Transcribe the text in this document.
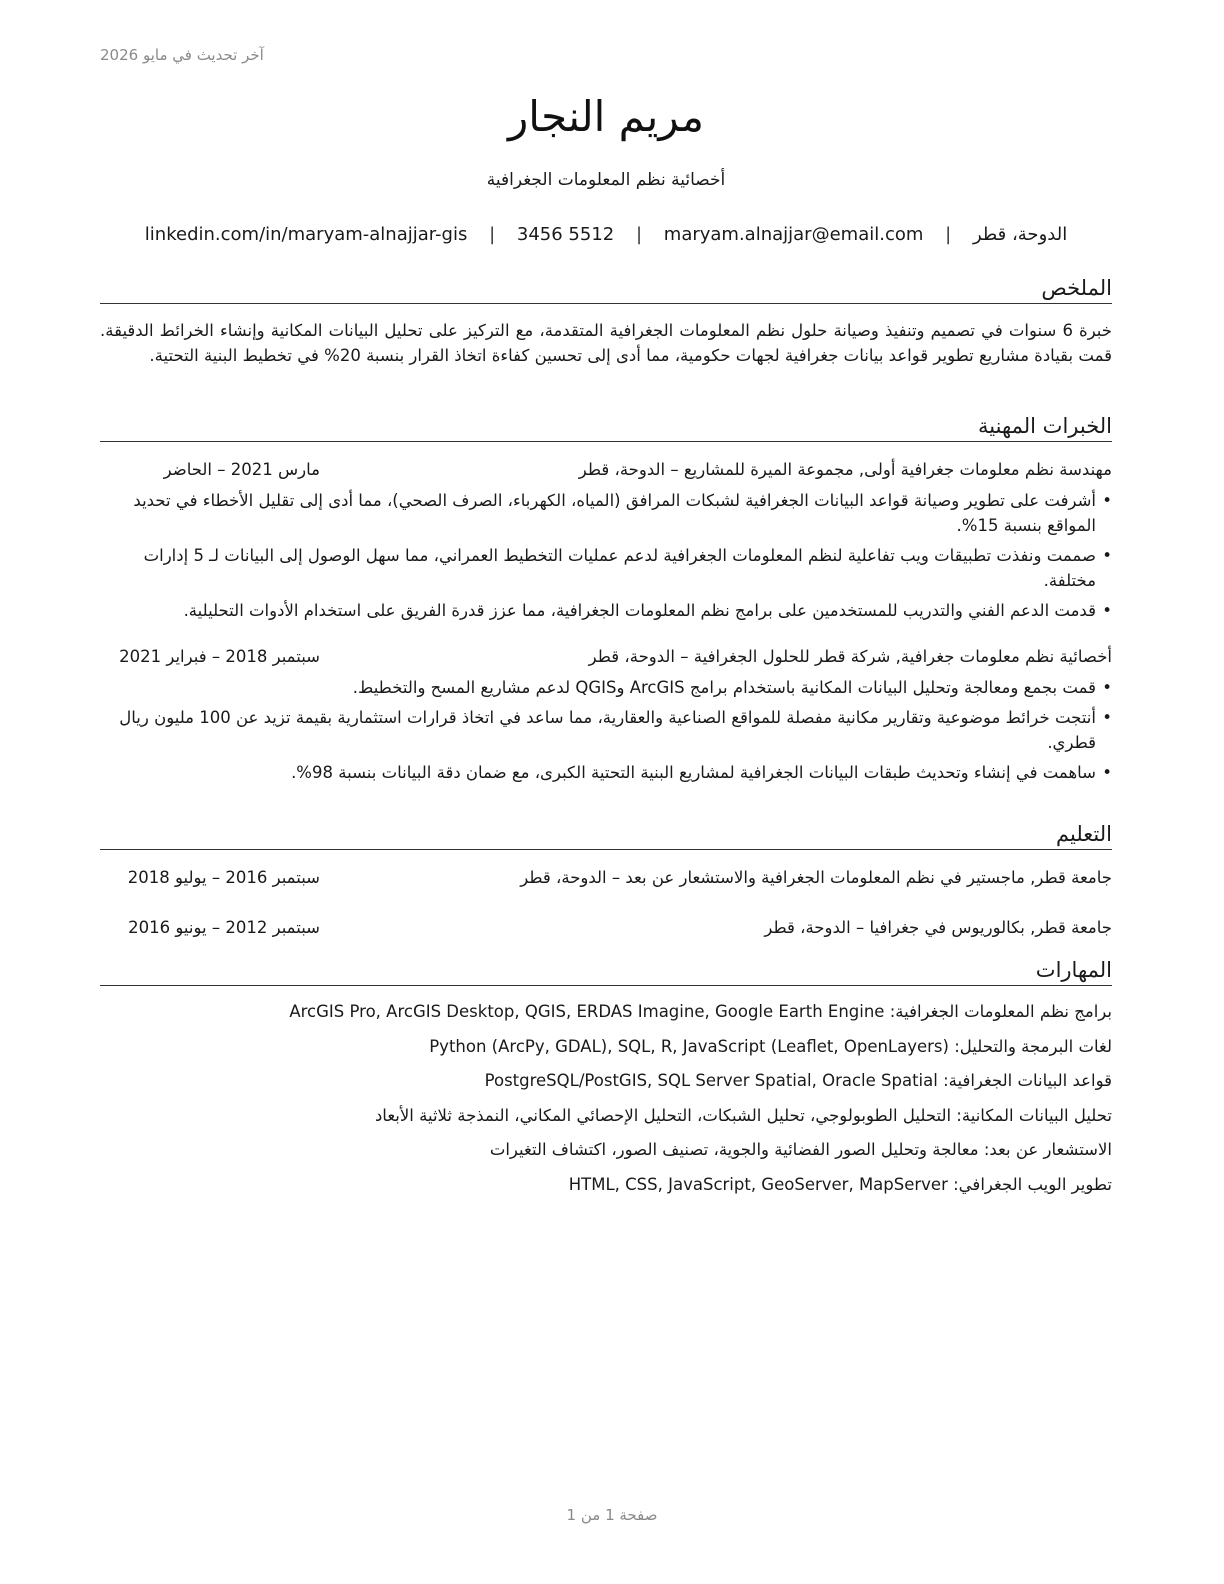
آخر تحديث في مايو 2026
مريم النجار
أخصائية نظم المعلومات الجغرافية
الدوحة، قطر | maryam.alnajjar@email.com | 3456 5512 | linkedin.com/in/maryam-alnajjar-gis
الملخص

خبرة 6 سنوات في تصميم وتنفيذ وصيانة حلول نظم المعلومات الجغرافية المتقدمة، مع التركيز على تحليل البيانات المكانية وإنشاء الخرائط الدقيقة. قمت بقيادة مشاريع تطوير قواعد بيانات جغرافية لجهات حكومية، مما أدى إلى تحسين كفاءة اتخاذ القرار بنسبة 20% في تخطيط البنية التحتية.

الخبرات المهنية
مهندسة نظم معلومات جغرافية أولى, مجموعة الميرة للمشاريع – الدوحة، قطر
مارس 2021 – الحاضر
• أشرفت على تطوير وصيانة قواعد البيانات الجغرافية لشبكات المرافق (المياه، الكهرباء، الصرف الصحي)، مما أدى إلى تقليل الأخطاء في تحديد المواقع بنسبة 15%.
• صممت ونفذت تطبيقات ويب تفاعلية لنظم المعلومات الجغرافية لدعم عمليات التخطيط العمراني، مما سهل الوصول إلى البيانات لـ 5 إدارات مختلفة.
• قدمت الدعم الفني والتدريب للمستخدمين على برامج نظم المعلومات الجغرافية، مما عزز قدرة الفريق على استخدام الأدوات التحليلية.
أخصائية نظم معلومات جغرافية, شركة قطر للحلول الجغرافية – الدوحة، قطر
سبتمبر 2018 – فبراير 2021
• قمت بجمع ومعالجة وتحليل البيانات المكانية باستخدام برامج ArcGIS وQGIS لدعم مشاريع المسح والتخطيط.
• أنتجت خرائط موضوعية وتقارير مكانية مفصلة للمواقع الصناعية والعقارية، مما ساعد في اتخاذ قرارات استثمارية بقيمة تزيد عن 100 مليون ريال قطري.
• ساهمت في إنشاء وتحديث طبقات البيانات الجغرافية لمشاريع البنية التحتية الكبرى، مع ضمان دقة البيانات بنسبة 98%.
التعليم
جامعة قطر, ماجستير في نظم المعلومات الجغرافية والاستشعار عن بعد – الدوحة، قطر
سبتمبر 2016 – يوليو 2018
جامعة قطر, بكالوريوس في جغرافيا – الدوحة، قطر
سبتمبر 2012 – يونيو 2016
المهارات
برامج نظم المعلومات الجغرافية: ArcGIS Pro, ArcGIS Desktop, QGIS, ERDAS Imagine, Google Earth Engine
لغات البرمجة والتحليل: Python (ArcPy, GDAL), SQL, R, JavaScript (Leaflet, OpenLayers)
قواعد البيانات الجغرافية: PostgreSQL/PostGIS, SQL Server Spatial, Oracle Spatial
تحليل البيانات المكانية: التحليل الطوبولوجي، تحليل الشبكات، التحليل الإحصائي المكاني، النمذجة ثلاثية الأبعاد
الاستشعار عن بعد: معالجة وتحليل الصور الفضائية والجوية، تصنيف الصور، اكتشاف التغيرات
تطوير الويب الجغرافي: HTML, CSS, JavaScript, GeoServer, MapServer
صفحة 1 من 1
